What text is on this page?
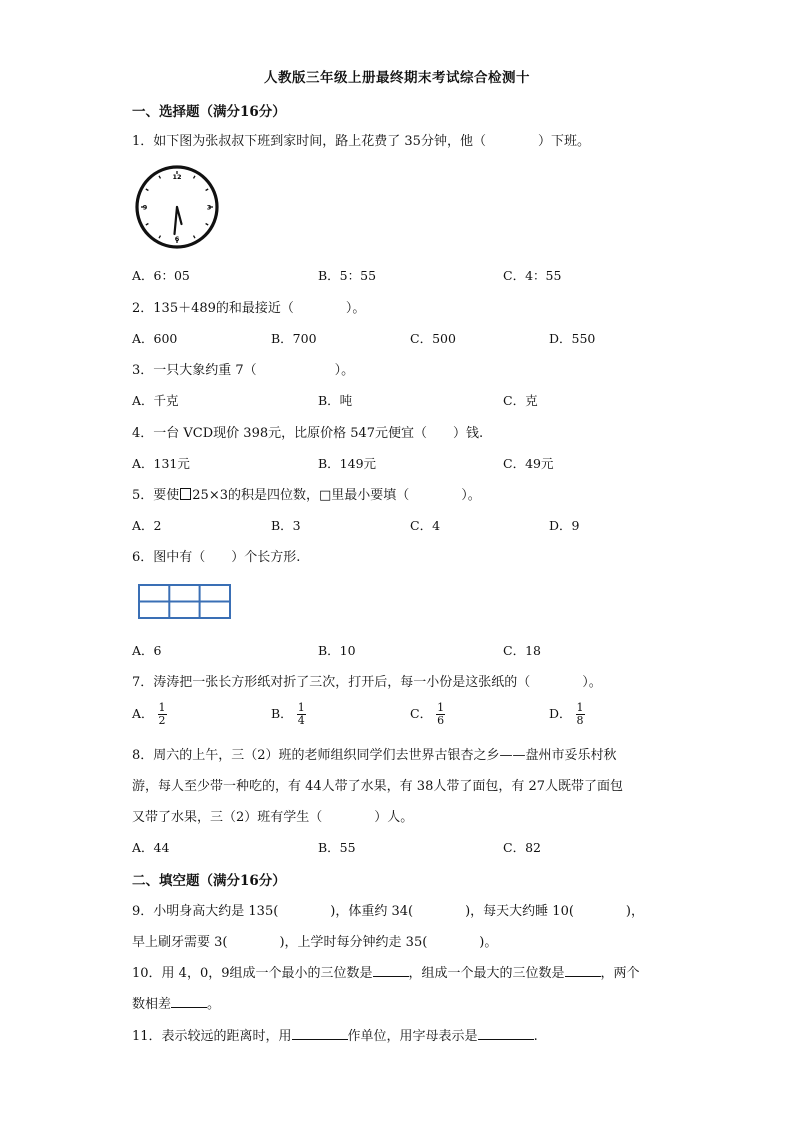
人教版三年级上册最终期末考试综合检测十
一、选择题（满分16分）
1．如下图为张叔叔下班到家时间，路上花费了 35分钟，他（　　　　）下班。
12
3
6
9
A．6：05	B．5：55	C．4：55
2．135＋489的和最接近（　　　　）。
A．600	B．700	C．500	D．550
3．一只大象约重 7（　　　　　　）。
A．千克	B．吨	C．克
4．一台 VCD现价 398元，比原价格 547元便宜（　　）钱.
A．131元	B．149元	C．49元
5．要使 25×3的积是四位数，□里最小要填（　　　　）。
A．2	B．3	C．4	D．9
6．图中有（　　）个长方形.
A．6	B．10	C．18
7．涛涛把一张长方形纸对折了三次，打开后，每一小份是这张纸的（　　　　）。
A． $\frac{1}{2}$	B． $\frac{1}{4}$	C． $\frac{1}{6}$	D． $\frac{1}{8}$
8．周六的上午，三（2）班的老师组织同学们去世界古银杏之乡——盘州市妥乐村秋
游，每人至少带一种吃的，有 44人带了水果，有 38人带了面包，有 27人既带了面包
又带了水果，三（2）班有学生（　　　　）人。
A．44	B．55	C．82
二、填空题（满分16分）
9．小明身高大约是 135(　　　　)，体重约 34(　　　　)，每天大约睡 10(　　　　)，
早上刷牙需要 3(　　　　)，上学时每分钟约走 35(　　　　)。
10．用 4，0，9组成一个最小的三位数是	，组成一个最大的三位数是	，两个
数相差	。
11．表示较远的距离时，用	作单位，用字母表示是	.
